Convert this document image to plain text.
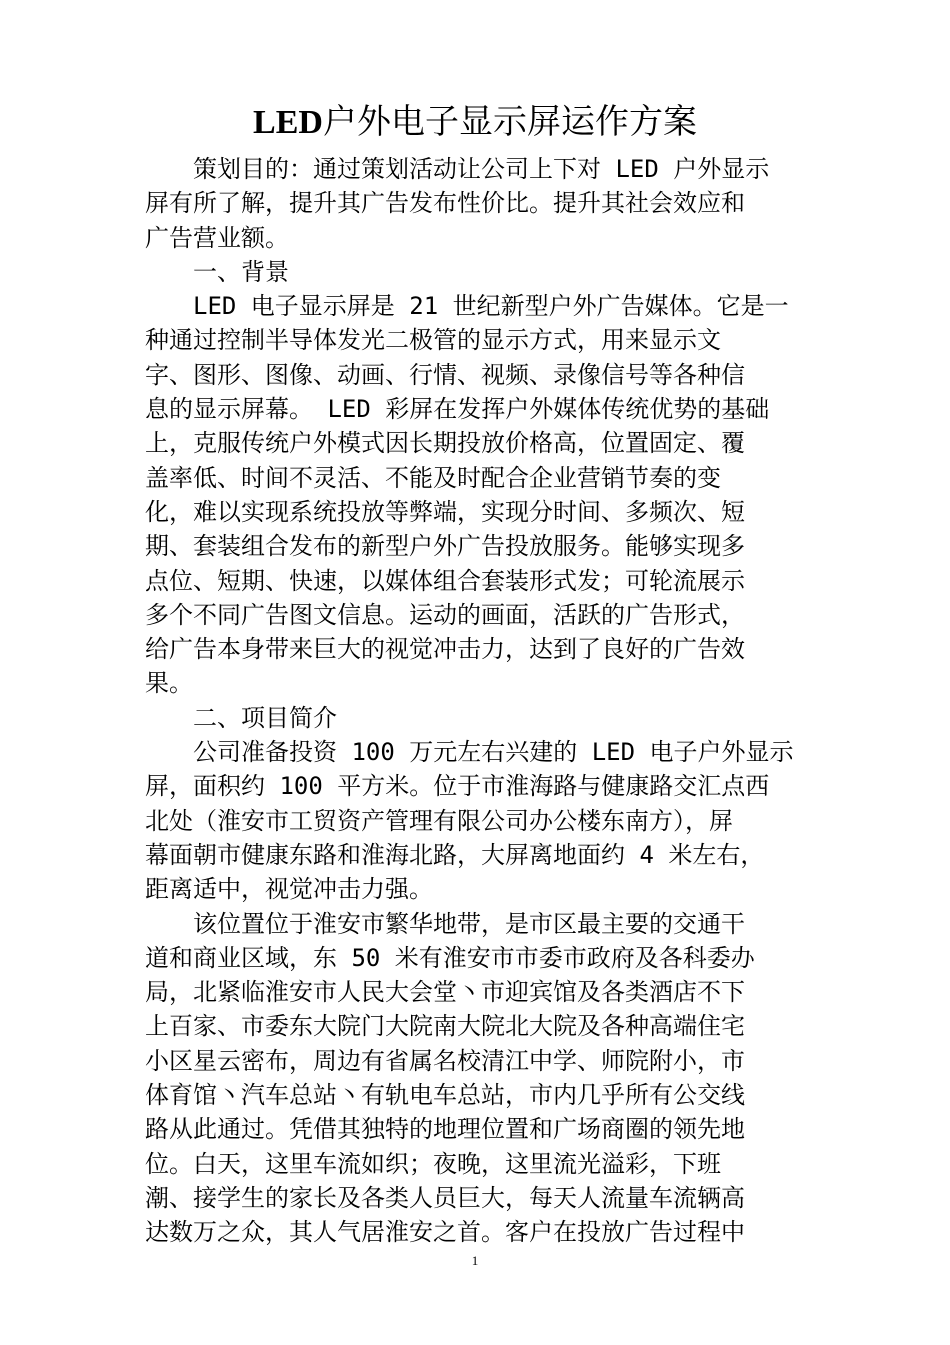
LED户外电子显示屏运作方案
　　策划目的：通过策划活动让公司上下对 LED 户外显示
屏有所了解，提升其广告发布性价比。提升其社会效应和
广告营业额。
　　一、背景
　　LED 电子显示屏是 21 世纪新型户外广告媒体。它是一
种通过控制半导体发光二极管的显示方式，用来显示文
字、图形、图像、动画、行情、视频、录像信号等各种信
息的显示屏幕。 LED 彩屏在发挥户外媒体传统优势的基础
上，克服传统户外模式因长期投放价格高，位置固定、覆
盖率低、时间不灵活、不能及时配合企业营销节奏的变
化，难以实现系统投放等弊端，实现分时间、多频次、短
期、套装组合发布的新型户外广告投放服务。能够实现多
点位、短期、快速，以媒体组合套装形式发；可轮流展示
多个不同广告图文信息。运动的画面，活跃的广告形式，
给广告本身带来巨大的视觉冲击力，达到了良好的广告效
果。
　　二、项目简介
　　公司准备投资 100 万元左右兴建的 LED 电子户外显示
屏，面积约 100 平方米。位于市淮海路与健康路交汇点西
北处（淮安市工贸资产管理有限公司办公楼东南方），屏
幕面朝市健康东路和淮海北路，大屏离地面约 4 米左右，
距离适中，视觉冲击力强。
　　该位置位于淮安市繁华地带，是市区最主要的交通干
道和商业区域，东 50 米有淮安市市委市政府及各科委办
局，北紧临淮安市人民大会堂丶市迎宾馆及各类酒店不下
上百家、市委东大院门大院南大院北大院及各种高端住宅
小区星云密布，周边有省属名校清江中学、师院附小，市
体育馆丶汽车总站丶有轨电车总站，市内几乎所有公交线
路从此通过。凭借其独特的地理位置和广场商圈的领先地
位。白天，这里车流如织；夜晚，这里流光溢彩，下班
潮、接学生的家长及各类人员巨大，每天人流量车流辆高
达数万之众，其人气居淮安之首。客户在投放广告过程中
1
